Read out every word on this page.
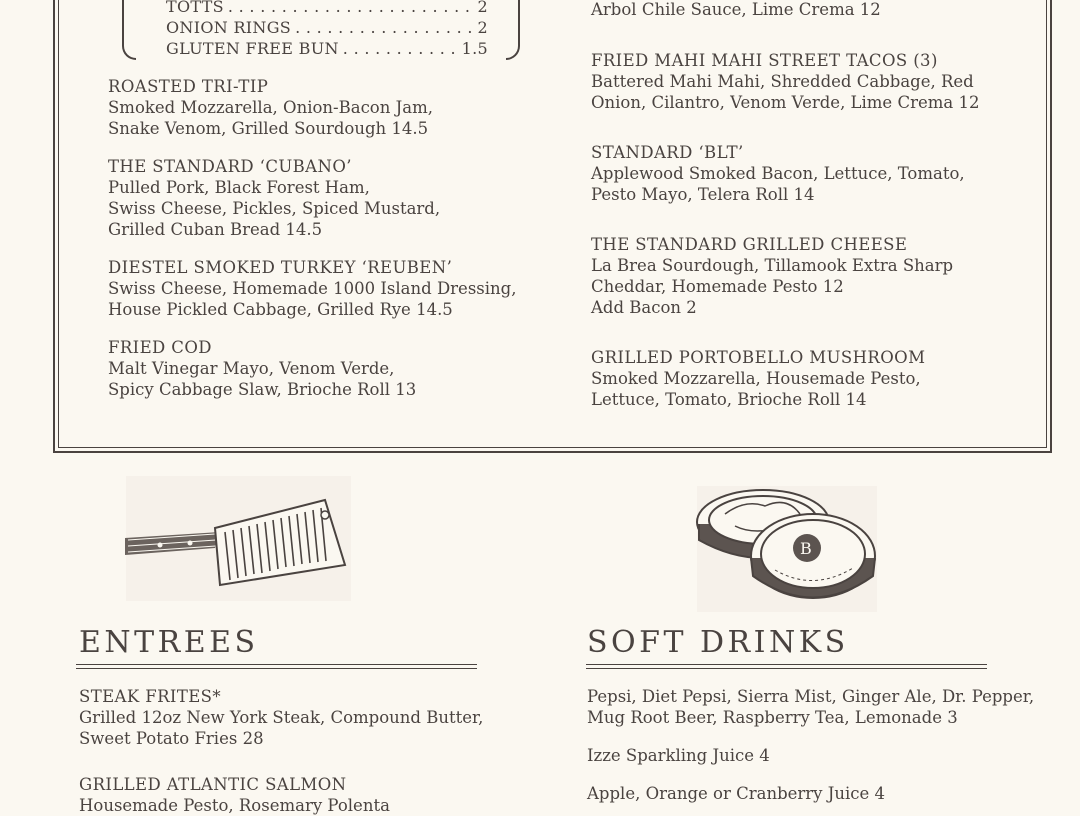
TOTTS . . .	2
ONION RINGS . . .	2
GLUTEN FREE BUN . . .	1.5
ROASTED TRI-TIP
Smoked Mozzarella, Onion-Bacon Jam,
Snake Venom, Grilled Sourdough 14.5
THE STANDARD ‘CUBANO’
Pulled Pork, Black Forest Ham,
Swiss Cheese, Pickles, Spiced Mustard,
Grilled Cuban Bread 14.5
DIESTEL SMOKED TURKEY ‘REUBEN’
Swiss Cheese, Homemade 1000 Island Dressing,
House Pickled Cabbage, Grilled Rye 14.5
FRIED COD
Malt Vinegar Mayo, Venom Verde,
Spicy Cabbage Slaw, Brioche Roll 13
Arbol Chile Sauce, Lime Crema 12
FRIED MAHI MAHI STREET TACOS (3)
Battered Mahi Mahi, Shredded Cabbage, Red
Onion, Cilantro, Venom Verde, Lime Crema 12
STANDARD ‘BLT’
Applewood Smoked Bacon, Lettuce, Tomato,
Pesto Mayo, Telera Roll 14
THE STANDARD GRILLED CHEESE
La Brea Sourdough, Tillamook Extra Sharp
Cheddar, Homemade Pesto 12
Add Bacon 2
GRILLED PORTOBELLO MUSHROOM
Smoked Mozzarella, Housemade Pesto,
Lettuce, Tomato, Brioche Roll 14
B
ENTREES
STEAK FRITES*
Grilled 12oz New York Steak, Compound Butter,
Sweet Potato Fries 28
GRILLED ATLANTIC SALMON
Housemade Pesto, Rosemary Polenta
SOFT DRINKS
Pepsi, Diet Pepsi, Sierra Mist, Ginger Ale, Dr. Pepper,
Mug Root Beer, Raspberry Tea, Lemonade 3
Izze Sparkling Juice 4
Apple, Orange or Cranberry Juice 4
